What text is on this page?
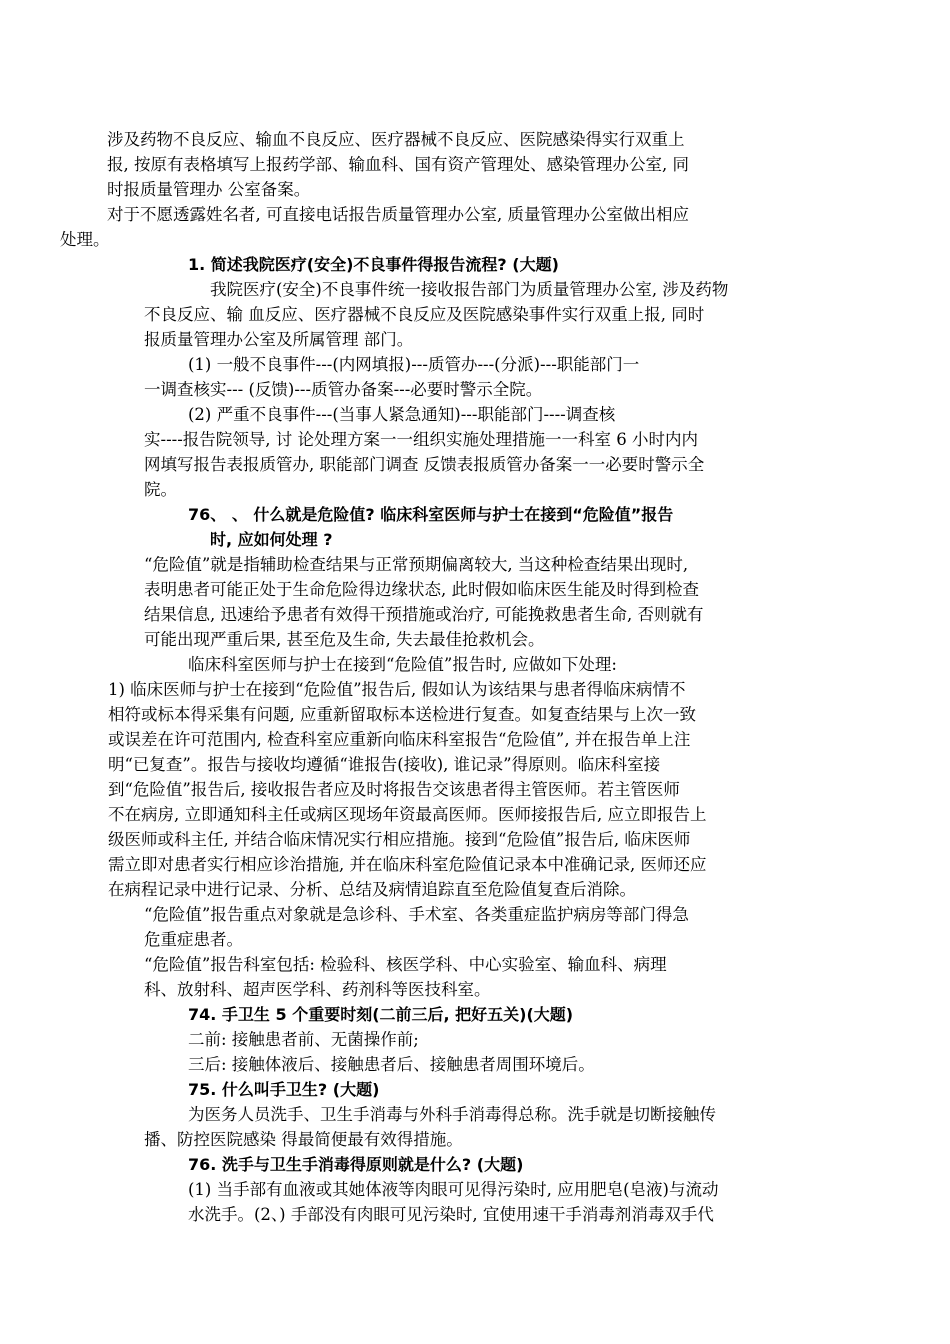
涉及药物不良反应、输血不良反应、医疗器械不良反应、医院感染得实行双重上
报, 按原有表格填写上报药学部、输血科、国有资产管理处、感染管理办公室, 同
时报质量管理办 公室备案。
对于不愿透露姓名者, 可直接电话报告质量管理办公室, 质量管理办公室做出相应
处理。
1. 简述我院医疗(安全)不良事件得报告流程? (大题)
我院医疗(安全)不良事件统一接收报告部门为质量管理办公室, 涉及药物
不良反应、输 血反应、医疗器械不良反应及医院感染事件实行双重上报, 同时
报质量管理办公室及所属管理 部门。
(1) 一般不良事件---(内网填报)---质管办---(分派)---职能部门一
一调查核实--- (反馈)---质管办备案---必要时警示全院。
(2) 严重不良事件---(当事人紧急通知)---职能部门----调查核
实----报告院领导, 讨 论处理方案一一组织实施处理措施一一科室 6 小时内内
网填写报告表报质管办, 职能部门调查 反馈表报质管办备案一一必要时警示全
院。
76、 、 什么就是危险值? 临床科室医师与护士在接到“危险值”报告
时, 应如何处理 ?
“危险值”就是指辅助检查结果与正常预期偏离较大, 当这种检查结果出现时,
表明患者可能正处于生命危险得边缘状态, 此时假如临床医生能及时得到检查
结果信息, 迅速给予患者有效得干预措施或治疗, 可能挽救患者生命, 否则就有
可能出现严重后果, 甚至危及生命, 失去最佳抢救机会。
临床科室医师与护士在接到“危险值”报告时, 应做如下处理:
1) 临床医师与护士在接到“危险值”报告后, 假如认为该结果与患者得临床病情不
相符或标本得采集有问题, 应重新留取标本送检进行复查。如复查结果与上次一致
或误差在许可范围内, 检查科室应重新向临床科室报告“危险值”, 并在报告单上注
明“已复查”。报告与接收均遵循“谁报告(接收), 谁记录”得原则。临床科室接
到“危险值”报告后, 接收报告者应及时将报告交该患者得主管医师。若主管医师
不在病房, 立即通知科主任或病区现场年资最高医师。医师接报告后, 应立即报告上
级医师或科主任, 并结合临床情况实行相应措施。接到“危险值”报告后, 临床医师
需立即对患者实行相应诊治措施, 并在临床科室危险值记录本中准确记录, 医师还应
在病程记录中进行记录、分析、总结及病情追踪直至危险值复查后消除。
“危险值”报告重点对象就是急诊科、手术室、各类重症监护病房等部门得急
危重症患者。
“危险值”报告科室包括: 检验科、核医学科、中心实验室、输血科、病理
科、放射科、超声医学科、药剂科等医技科室。
74. 手卫生 5 个重要时刻(二前三后, 把好五关)(大题)
二前: 接触患者前、无菌操作前;
三后: 接触体液后、接触患者后、接触患者周围环境后。
75. 什么叫手卫生? (大题)
为医务人员洗手、卫生手消毒与外科手消毒得总称。洗手就是切断接触传
播、防控医院感染 得最简便最有效得措施。
76. 洗手与卫生手消毒得原则就是什么? (大题)
(1) 当手部有血液或其她体液等肉眼可见得污染时, 应用肥皂(皂液)与流动
水洗手。(2、) 手部没有肉眼可见污染时, 宜使用速干手消毒剂消毒双手代
